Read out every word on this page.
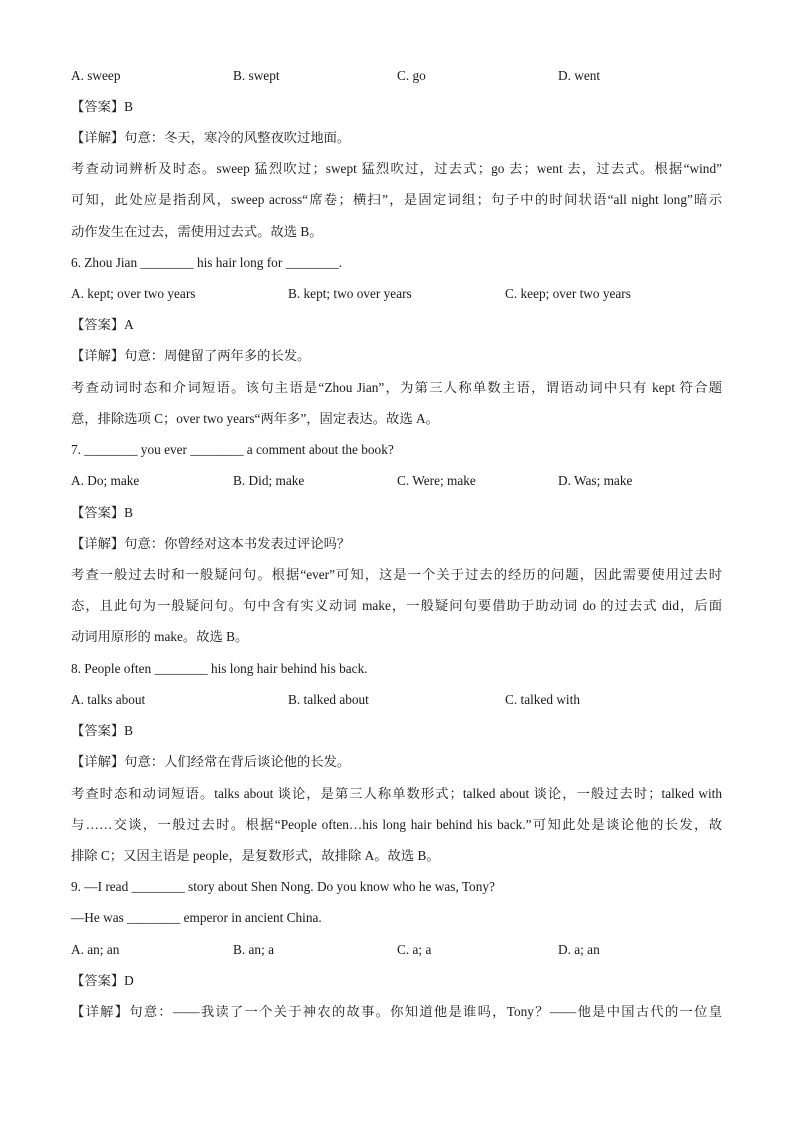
A. sweep	B. swept	C. go	D. went
【答案】B
【详解】句意：冬天，寒冷的风整夜吹过地面。
考查动词辨析及时态。sweep 猛烈吹过；swept 猛烈吹过，过去式；go 去；went 去，过去式。根据“wind”
可知，此处应是指刮风，sweep across“席卷；横扫”，是固定词组；句子中的时间状语“all night long”暗示
动作发生在过去，需使用过去式。故选 B。
6. Zhou Jian ________ his hair long for ________.
A. kept; over two years	B. kept; two over years	C. keep; over two years
【答案】A
【详解】句意：周健留了两年多的长发。
考查动词时态和介词短语。该句主语是“Zhou Jian”，为第三人称单数主语，谓语动词中只有 kept 符合题
意，排除选项 C；over two years“两年多”，固定表达。故选 A。
7. ________ you ever ________ a comment about the book?
A. Do; make	B. Did; make	C. Were; make	D. Was; make
【答案】B
【详解】句意：你曾经对这本书发表过评论吗？
考查一般过去时和一般疑问句。根据“ever”可知，这是一个关于过去的经历的问题，因此需要使用过去时
态，且此句为一般疑问句。句中含有实义动词 make，一般疑问句要借助于助动词 do 的过去式 did，后面
动词用原形的 make。故选 B。
8. People often ________ his long hair behind his back.
A. talks about	B. talked about	C. talked with
【答案】B
【详解】句意：人们经常在背后谈论他的长发。
考查时态和动词短语。talks about 谈论，是第三人称单数形式；talked about 谈论，一般过去时；talked with
与……交谈，一般过去时。根据“People often…his long hair behind his back.”可知此处是谈论他的长发，故
排除 C；又因主语是 people，是复数形式，故排除 A。故选 B。
9. —I read ________ story about Shen Nong. Do you know who he was, Tony?
—He was ________ emperor in ancient China.
A. an; an	B. an; a	C. a; a	D. a; an
【答案】D
【详解】句意：——我读了一个关于神农的故事。你知道他是谁吗，Tony？——他是中国古代的一位皇
